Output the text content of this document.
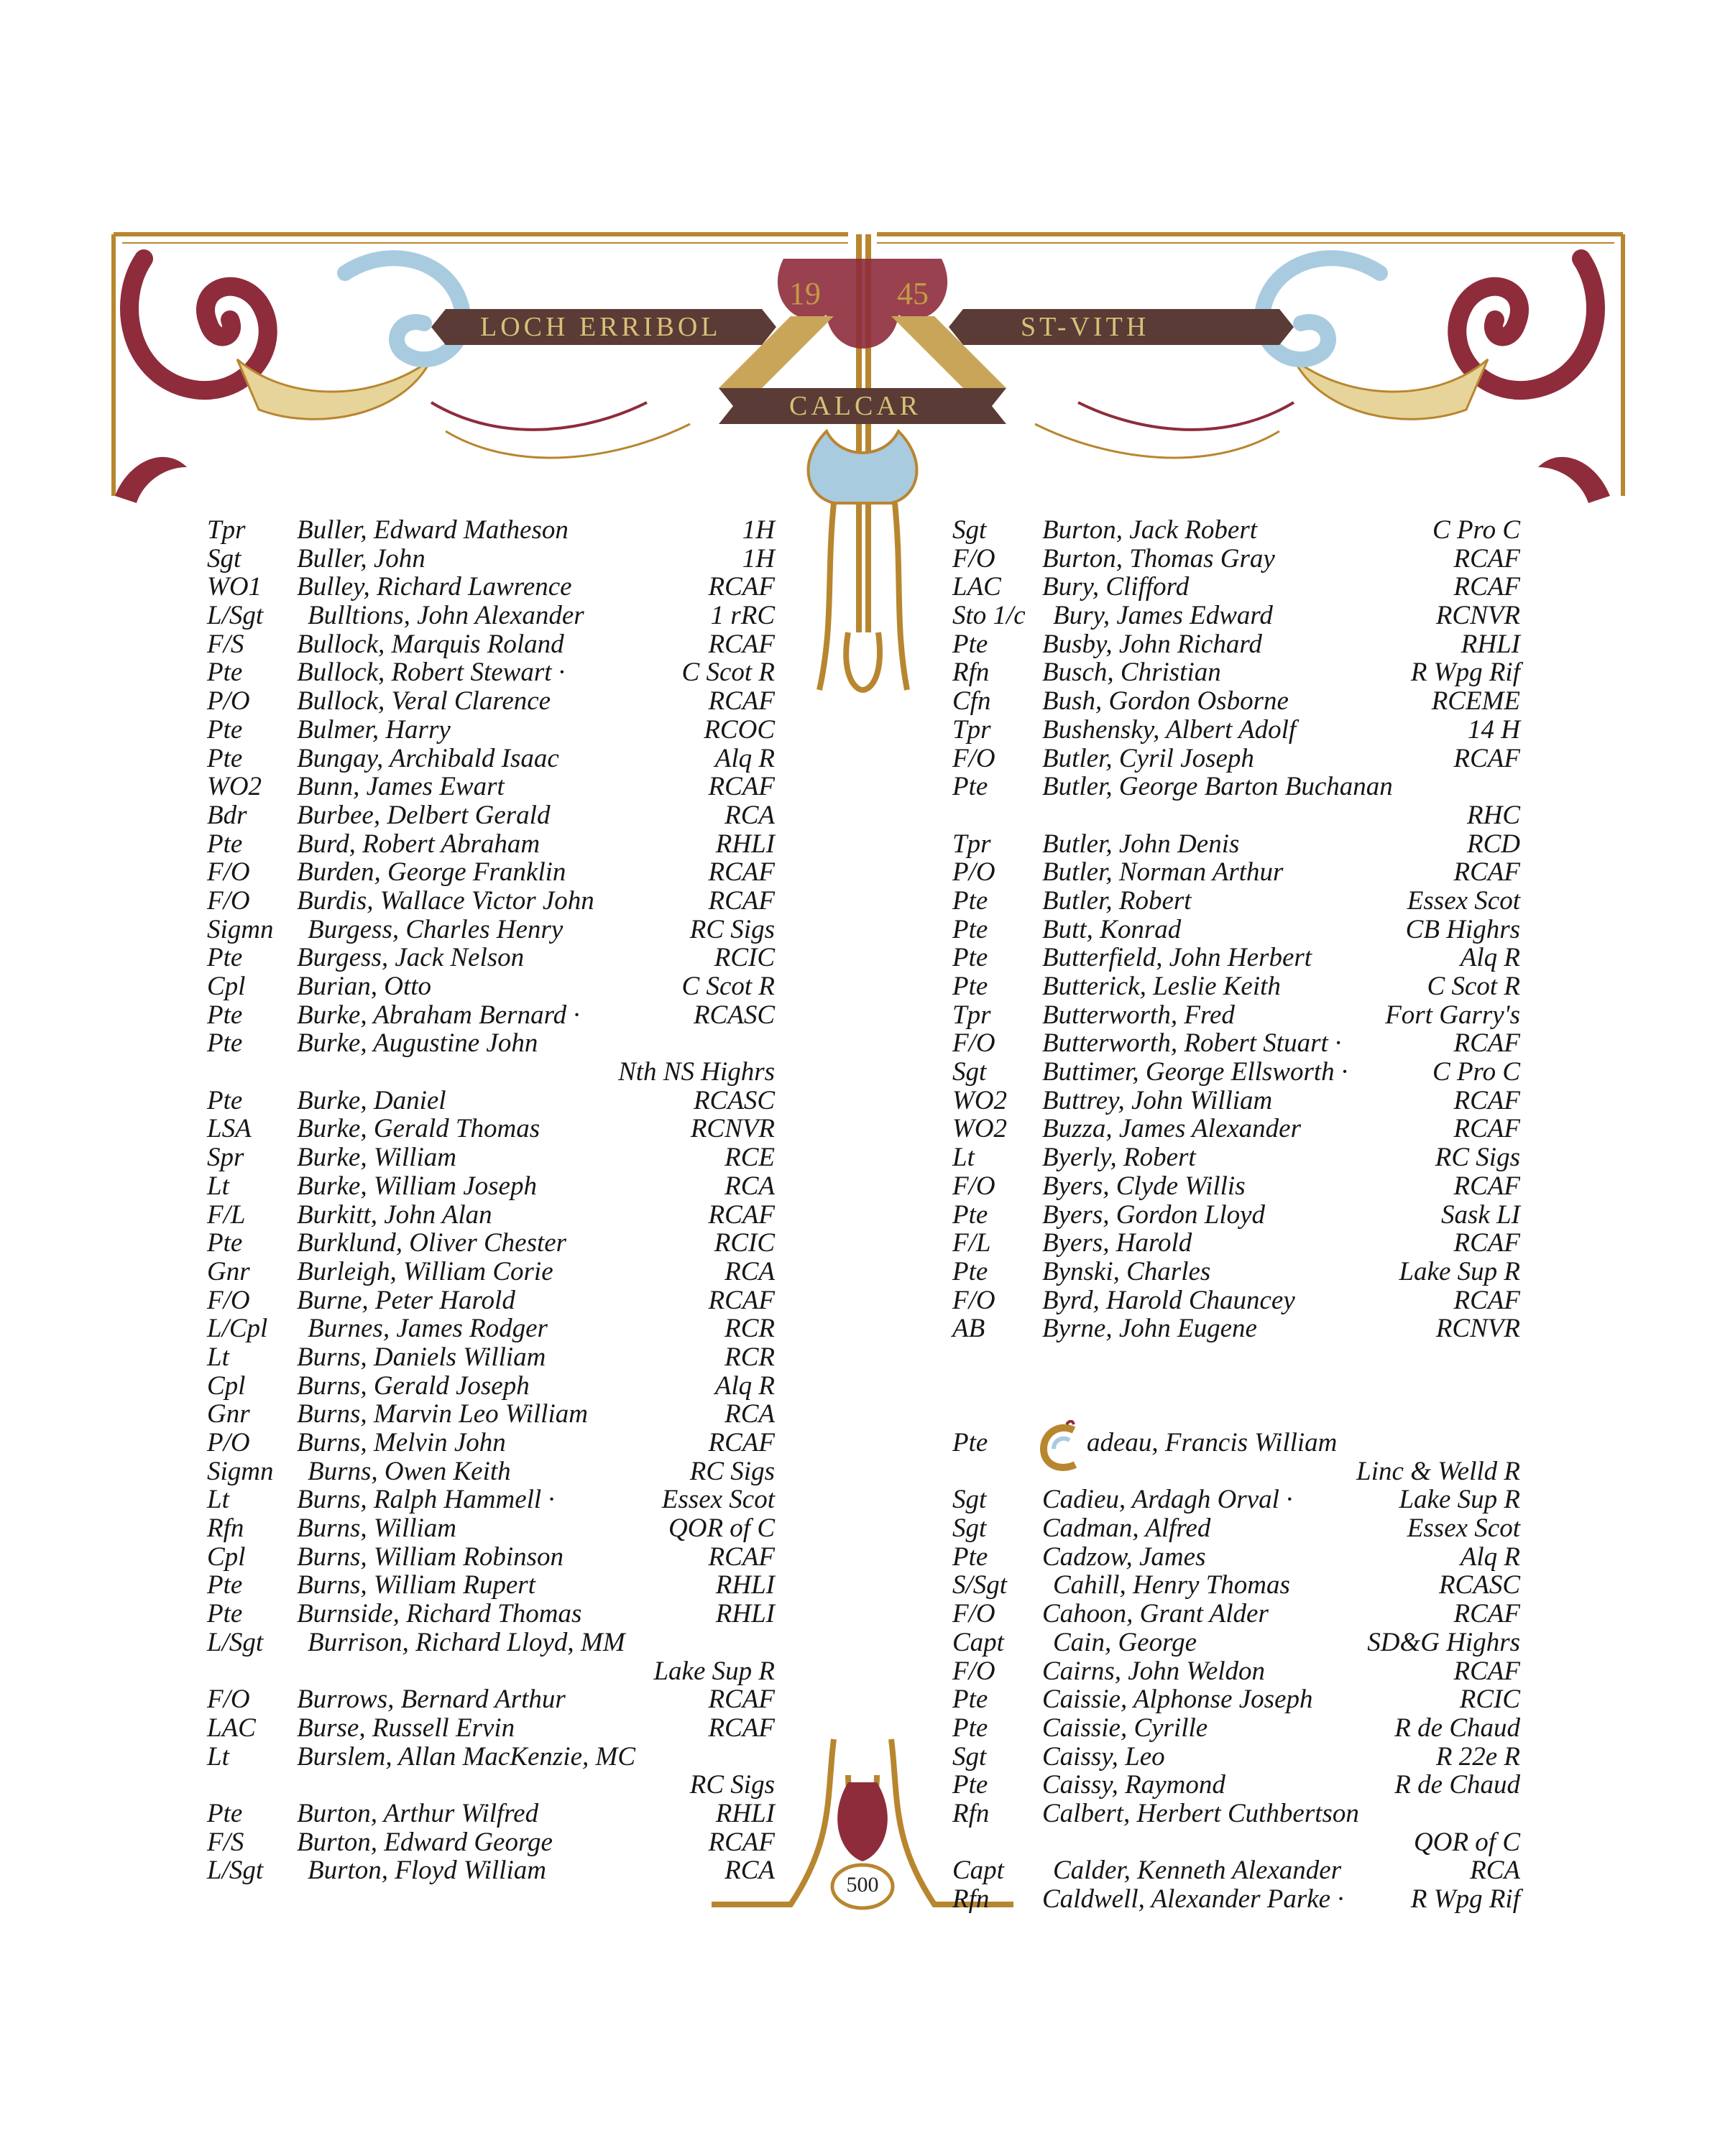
19 45
LOCH ERRIBOL	ST-VITH
CALCAR
Tpr Buller, Edward Matheson	1H
Sgt Buller, John	1H
WO1 Bulley, Richard Lawrence	RCAF
L/Sgt Bulltions, John Alexander	1 rRC
F/S Bullock, Marquis Roland	RCAF
Pte Bullock, Robert Stewart ·	C Scot R
P/O Bullock, Veral Clarence	RCAF
Pte Bulmer, Harry	RCOC
Pte Bungay, Archibald Isaac	Alq R
WO2 Bunn, James Ewart	RCAF
Bdr Burbee, Delbert Gerald	RCA
Pte Burd, Robert Abraham	RHLI
F/O Burden, George Franklin	RCAF
F/O Burdis, Wallace Victor John	RCAF
Sigmn Burgess, Charles Henry	RC Sigs
Pte Burgess, Jack Nelson	RCIC
Cpl Burian, Otto	C Scot R
Pte Burke, Abraham Bernard ·	RCASC
Pte Burke, Augustine John
Nth NS Highrs
Pte Burke, Daniel	RCASC
LSA Burke, Gerald Thomas	RCNVR
Spr Burke, William	RCE
Lt	Burke, William Joseph	RCA
F/L Burkitt, John Alan	RCAF
Pte Burklund, Oliver Chester	RCIC
Gnr Burleigh, William Corie	RCA
F/O Burne, Peter Harold	RCAF
L/Cpl Burnes, James Rodger	RCR
Lt	Burns, Daniels William	RCR
Cpl Burns, Gerald Joseph	Alq R
Gnr Burns, Marvin Leo William	RCA
P/O Burns, Melvin John	RCAF
Sigmn Burns, Owen Keith	RC Sigs
Lt	Burns, Ralph Hammell ·	Essex Scot
Rfn Burns, William	QOR of C
Cpl Burns, William Robinson	RCAF
Pte Burns, William Rupert	RHLI
Pte Burnside, Richard Thomas	RHLI
L/Sgt Burrison, Richard Lloyd, MM
Lake Sup R
F/O Burrows, Bernard Arthur	RCAF
LAC Burse, Russell Ervin	RCAF
Lt	Burslem, Allan MacKenzie, MC
RC Sigs
Pte Burton, Arthur Wilfred	RHLI
F/S Burton, Edward George	RCAF
L/Sgt Burton, Floyd William	RCA
Sgt Burton, Jack Robert	C Pro C
F/O Burton, Thomas Gray	RCAF
LAC Bury, Clifford	RCAF
Sto 1/c Bury, James Edward	RCNVR
Pte Busby, John Richard	RHLI
Rfn Busch, Christian	R Wpg Rif
Cfn Bush, Gordon Osborne	RCEME
Tpr Bushensky, Albert Adolf	14 H
F/O Butler, Cyril Joseph	RCAF
Pte Butler, George Barton Buchanan
RHC
Tpr Butler, John Denis	RCD
P/O Butler, Norman Arthur	RCAF
Pte Butler, Robert	Essex Scot
Pte Butt, Konrad	CB Highrs
Pte Butterfield, John Herbert	Alq R
Pte Butterick, Leslie Keith	C Scot R
Tpr Butterworth, Fred	Fort Garry's
F/O Butterworth, Robert Stuart ·	RCAF
Sgt Buttimer, George Ellsworth ·	C Pro C
WO2 Buttrey, John William	RCAF
WO2 Buzza, James Alexander	RCAF
Lt	Byerly, Robert	RC Sigs
F/O Byers, Clyde Willis	RCAF
Pte Byers, Gordon Lloyd	Sask LI
F/L Byers, Harold	RCAF
Pte Bynski, Charles	Lake Sup R
F/O Byrd, Harold Chauncey	RCAF
AB Byrne, John Eugene	RCNVR
Pte	adeau, Francis William
Linc & Welld R
Sgt Cadieu, Ardagh Orval ·	Lake Sup R
Sgt Cadman, Alfred	Essex Scot
Pte Cadzow, James	Alq R
S/Sgt Cahill, Henry Thomas	RCASC
F/O Cahoon, Grant Alder	RCAF
Capt Cain, George	SD&G Highrs
F/O Cairns, John Weldon	RCAF
Pte Caissie, Alphonse Joseph	RCIC
Pte Caissie, Cyrille	R de Chaud
Sgt Caissy, Leo	R 22e R
Pte Caissy, Raymond	R de Chaud
Rfn Calbert, Herbert Cuthbertson
QOR of C
Capt Calder, Kenneth Alexander	RCA
Rfn Caldwell, Alexander Parke ·	R Wpg Rif
500
